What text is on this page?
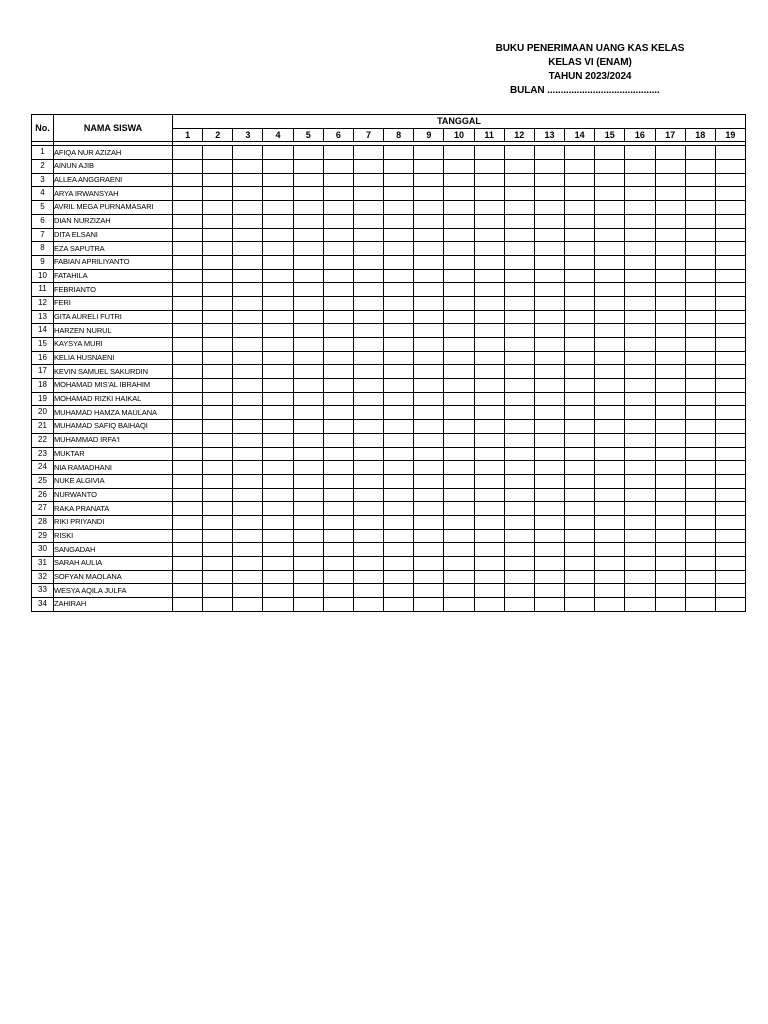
BUKU PENERIMAAN UANG KAS KELAS
KELAS VI (ENAM)
TAHUN 2023/2024
BULAN ..........................................
No.	NAMA SISWA	TANGGAL																		
		1	2	3	4	5	6	7	8	9	10	11	12	13	14	15	16	17	18	19

1	AFIQA NUR AZIZAH																			
2	AINUN AJIB																			
3	ALLEA ANGGRAENI																			
4	ARYA IRWANSYAH																			
5	AVRIL MEGA PURNAMASARI																			
6	DIAN NURZIZAH																			
7	DITA ELSANI																			
8	EZA SAPUTRA																			
9	FABIAN APRILIYANTO																			
10	FATAHILA																			
11	FEBRIANTO																			
12	FERI																			
13	GITA AURELI FUTRI																			
14	HARZEN NURUL																			
15	KAYSYA MURI																			
16	KELIA HUSNAENI																			
17	KEVIN SAMUEL SAKURDIN																			
18	MOHAMAD MIS'AL IBRAHIM																			
19	MOHAMAD RIZKI HAIKAL																			
20	MUHAMAD HAMZA MAULANA																			
21	MUHAMAD SAFIQ BAIHAQI																			
22	MUHAMMAD IRFA'I																			
23	MUKTAR																			
24	NIA RAMADHANI																			
25	NUKE ALGIVIA																			
26	NURWANTO																			
27	RAKA PRANATA																			
28	RIKI PRIYANDI																			
29	RISKI																			
30	SANGADAH																			
31	SARAH AULIA																			
32	SOFYAN MAOLANA																			
33	WESYA AQILA JULFA																			
34	ZAHIRAH																			
